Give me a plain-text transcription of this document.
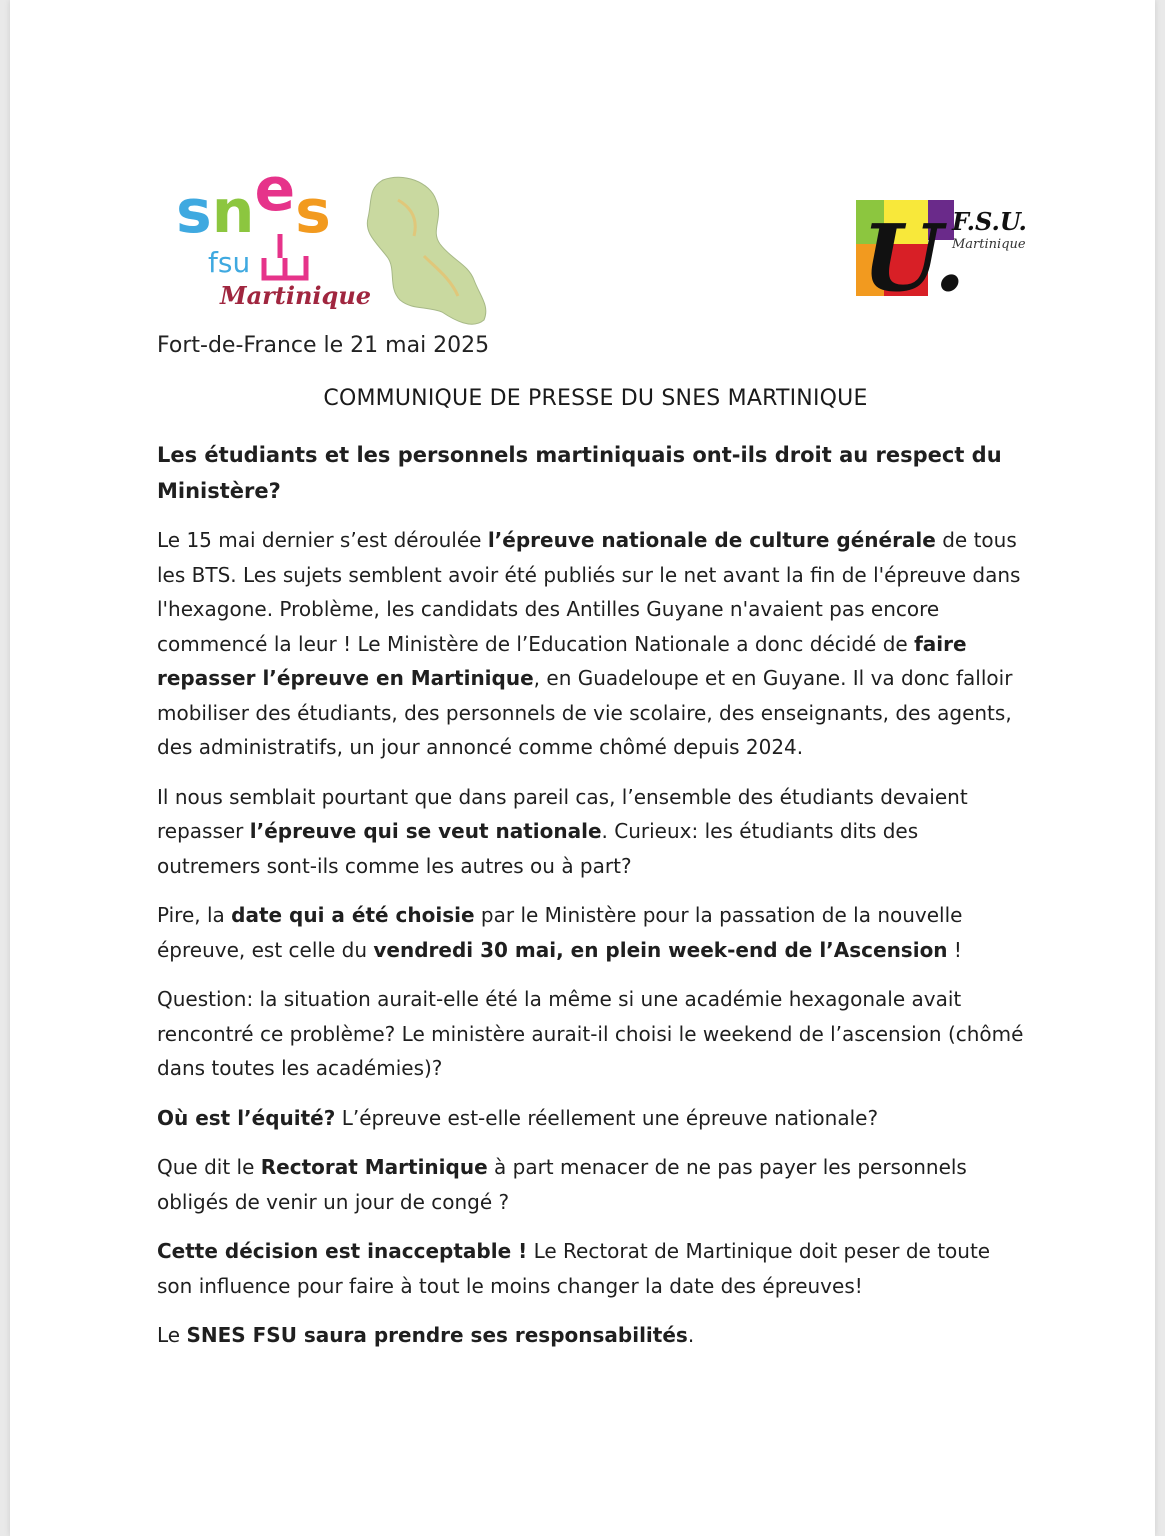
snes
fsu
Martinique	U.
F.S.U.
Martinique
Fort-de-France le 21 mai 2025
COMMUNIQUE DE PRESSE DU SNES MARTINIQUE

Les étudiants et les personnels martiniquais ont-ils droit au respect du Ministère?

Le 15 mai dernier s’est déroulée l’épreuve nationale de culture générale de tous les BTS. Les sujets semblent avoir été publiés sur le net avant la fin de l'épreuve dans l'hexagone. Problème, les candidats des Antilles Guyane n'avaient pas encore commencé la leur ! Le Ministère de l’Education Nationale a donc décidé de faire repasser l’épreuve en Martinique, en Guadeloupe et en Guyane. Il va donc falloir mobiliser des étudiants, des personnels de vie scolaire, des enseignants, des agents, des administratifs, un jour annoncé comme chômé depuis 2024.

Il nous semblait pourtant que dans pareil cas, l’ensemble des étudiants devaient repasser l’épreuve qui se veut nationale. Curieux: les étudiants dits des outremers sont-ils comme les autres ou à part?

Pire, la date qui a été choisie par le Ministère pour la passation de la nouvelle épreuve, est celle du vendredi 30 mai, en plein week-end de l’Ascension !

Question: la situation aurait-elle été la même si une académie hexagonale avait rencontré ce problème? Le ministère aurait-il choisi le weekend de l’ascension (chômé dans toutes les académies)?

Où est l’équité? L’épreuve est-elle réellement une épreuve nationale?

Que dit le Rectorat Martinique à part menacer de ne pas payer les personnels obligés de venir un jour de congé ?

Cette décision est inacceptable ! Le Rectorat de Martinique doit peser de toute son influence pour faire à tout le moins changer la date des épreuves!

Le SNES FSU saura prendre ses responsabilités.
